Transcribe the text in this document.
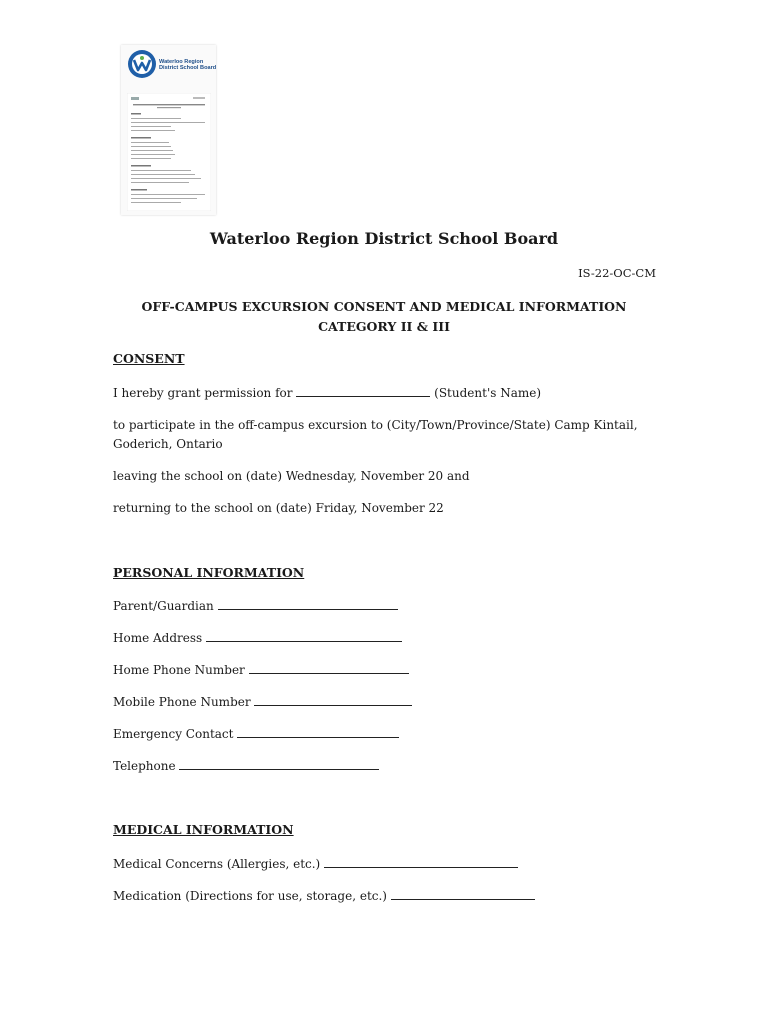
Waterloo Region
District School Board
Waterloo Region District School Board
IS-22-OC-CM
OFF-CAMPUS EXCURSION CONSENT AND MEDICAL INFORMATION CATEGORY II & III
CONSENT
I hereby grant permission for	(Student's Name)
to participate in the off-campus excursion to (City/Town/Province/State) Camp Kintail, Goderich, Ontario
leaving the school on (date) Wednesday, November 20 and
returning to the school on (date) Friday, November 22
PERSONAL INFORMATION
Parent/Guardian
Home Address
Home Phone Number
Mobile Phone Number
Emergency Contact
Telephone
MEDICAL INFORMATION
Medical Concerns (Allergies, etc.)
Medication (Directions for use, storage, etc.)
